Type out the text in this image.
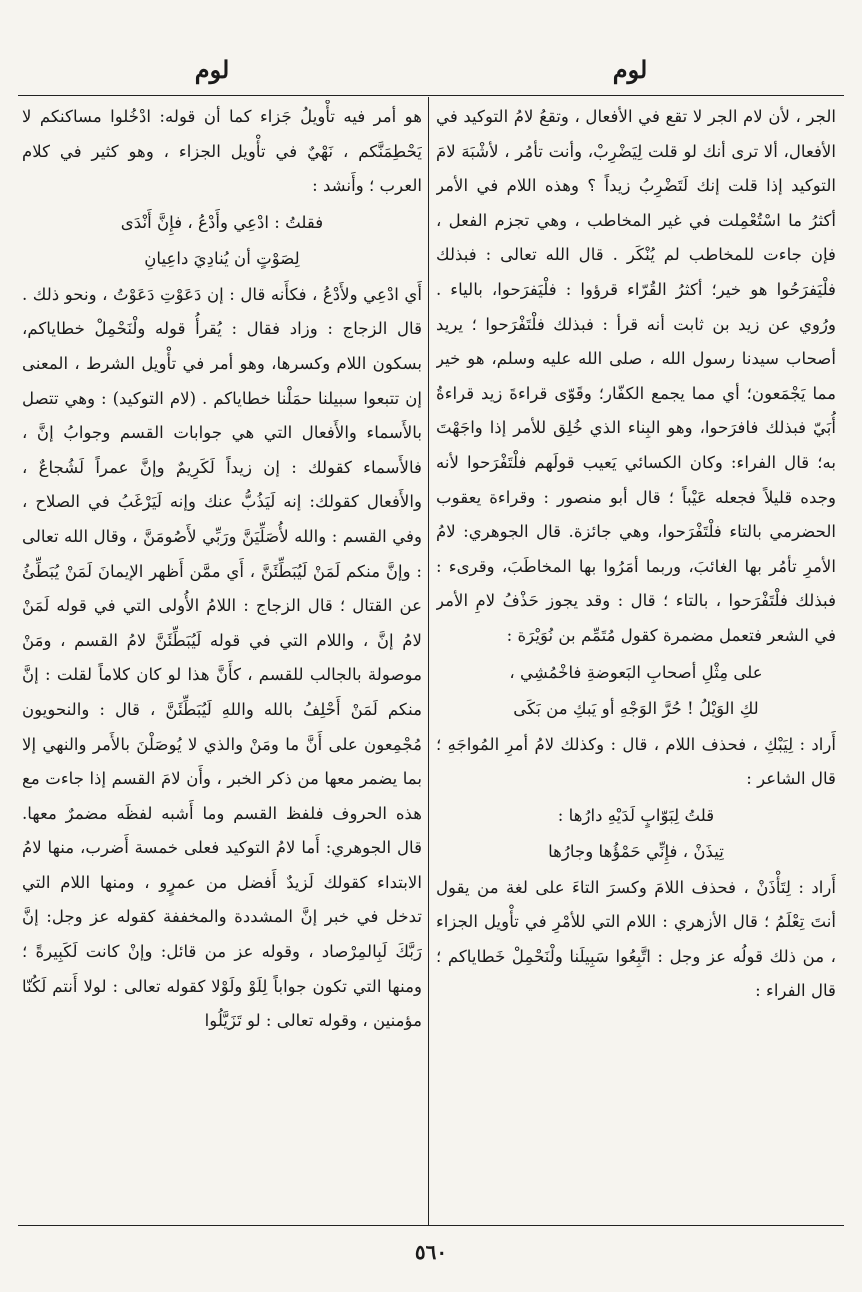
لوم	لوم

الجر ، لأن لام الجر لا تقع في الأفعال ، وتقعُ لامُ التوكيد في الأفعال، ألا ترى أنك لو قلت لِيَضْرِبْ، وأنت تأمُر ، لأشْبَهَ لامَ التوكيد إذا قلت إنك لَتَضْرِبُ زيداً ؟ وهذه اللام في الأمر أكثرُ ما اسْتُعْمِلت في غير المخاطب ، وهي تجزم الفعل ، فإن جاءت للمخاطب لم يُنْكَر . قال الله تعالى : فبذلك فلْيَفرَحُوا هو خير؛ أكثرُ القُرّاء قرؤوا : فلْيَفرَحوا، بالياء . ورُوي عن زيد بن ثابت أنه قرأ : فبذلك فلْتَفْرَحوا ؛ يريد أصحاب سيدنا رسول الله ، صلى الله عليه وسلم، هو خير مما يَجْمَعون؛ أي مما يجمع الكفّار؛ وقَوّى قراءةَ زيد قراءةُ أُبَيّ فبذلك فافرَحوا، وهو البِناء الذي خُلِق للأمر إذا واجَهْتَ به؛ قال الفراء: وكان الكسائي يَعيب قولَهم فلْتَفْرَحوا لأنه وجده قليلاً فجعله عَيْباً ؛ قال أبو منصور : وقراءة يعقوب الحضرمي بالتاء فلْتَفْرَحوا، وهي جائزة. قال الجوهري: لامُ الأمرِ تأمُر بها الغائبَ، وربما أمَرُوا بها المخاطَبَ، وقرىء : فبذلك فلْتَفْرَحوا ، بالتاء ؛ قال : وقد يجوز حَذْفُ لامِ الأمر في الشعر فتعمل مضمرة كقول مُتَمِّم بن نُوَيْرَة :

على مِثْلِ أصحابِ البَعوضةِ فاخْمُشِي ،
لكِ الوَيْلُ ! حُرَّ الوَجْهِ أو يَبكِ من بَكَى

أَراد : لِيَبْكِ ، فحذف اللام ، قال : وكذلك لامُ أمرِ المُواجَهِ ؛ قال الشاعر :

قلتُ لِبَوّابٍ لَدَيْهِ دارُها :
تِيذَنْ ، فإِنِّي حَمْؤُها وجارُها

أَراد : لِتَأْذَنْ ، فحذف اللامَ وكسرَ التاءَ على لغة من يقول أنتَ تِعْلَمُ ؛ قال الأزهري : اللام التي للأمْرِ في تأْويل الجزاء ، من ذلك قولُه عز وجل : اتَّبِعُوا سَبِيلَنا ولْنَحْمِلْ خَطاياكم ؛ قال الفراء :

هو أمر فيه تأْويلُ جَزاء كما أن قوله: ادْخُلوا مساكنكم لا يَحْطِمَنَّكم ، نَهْيٌ في تأْويل الجزاء ، وهو كثير في كلام العرب ؛ وأَنشد :

فقلتُ : ادْعِي وأَدْعُ ، فإِنَّ أَنْدَى
لِصَوْتٍ أن يُنادِيَ داعِيانِ

أَي ادْعِي ولأَدْعُ ، فكأَنه قال : إن دَعَوْتِ دَعَوْتُ ، ونحو ذلك . قال الزجاج : وزاد فقال : يُقرأُ قوله ولْنَحْمِلْ خطاياكم، بسكون اللام وكسرها، وهو أمر في تأْويل الشرط ، المعنى إن تتبعوا سبيلنا حمَلْنا خطاياكم . (لام التوكيد) : وهي تتصل بالأَسماء والأَفعال التي هي جوابات القسم وجوابُ إنَّ ، فالأَسماء كقولك : إن زيداً لَكَرِيمٌ وإنَّ عمراً لَشُجاعٌ ، والأَفعال كقولك: إنه لَيَذُبُّ عنك وإنه لَيَرْغَبُ في الصلاح ، وفي القسم : والله لأُصَلِّيَنَّ ورَبِّي لأَصُومَنَّ ، وقال الله تعالى : وإنَّ منكم لَمَنْ لَيُبَطِّئَنَّ ، أَي ممَّن أَظهر الإيمانَ لَمَنْ يُبَطِّئُ عن القتال ؛ قال الزجاج : اللامُ الأُولى التي في قوله لَمَنْ لامُ إنَّ ، واللام التي في قوله لَيُبَطِّئَنَّ لامُ القسم ، ومَنْ موصولة بالجالب للقسم ، كأَنَّ هذا لو كان كلاماً لقلت : إنَّ منكم لَمَنْ أَحْلِفُ بالله واللهِ لَيُبَطِّئَنَّ ، قال : والنحويون مُجْمِعون على أَنَّ ما ومَنْ والذي لا يُوصَلْنَ بالأَمر والنهي إلا بما يضمر معها من ذكر الخبر ، وأَن لامَ القسم إذا جاءت مع هذه الحروف فلفظ القسم وما أَشبه لفظَه مضمرٌ معها. قال الجوهري: أَما لامُ التوكيد فعلى خمسة أَضرب، منها لامُ الابتداء كقولك لَزيدٌ أَفضل من عمرٍو ، ومنها اللام التي تدخل في خبر إنَّ المشددة والمخففة كقوله عز وجل: إنَّ رَبَّكَ لَبِالمِرْصاد ، وقوله عز من قائل: وإنْ كانت لَكَبِيرةً ؛ ومنها التي تكون جواباً لِلَوْ ولَوْلا كقوله تعالى : لولا أَنتم لَكُنّا مؤمنين ، وقوله تعالى : لو تَزَيَّلُوا

٥٦٠
